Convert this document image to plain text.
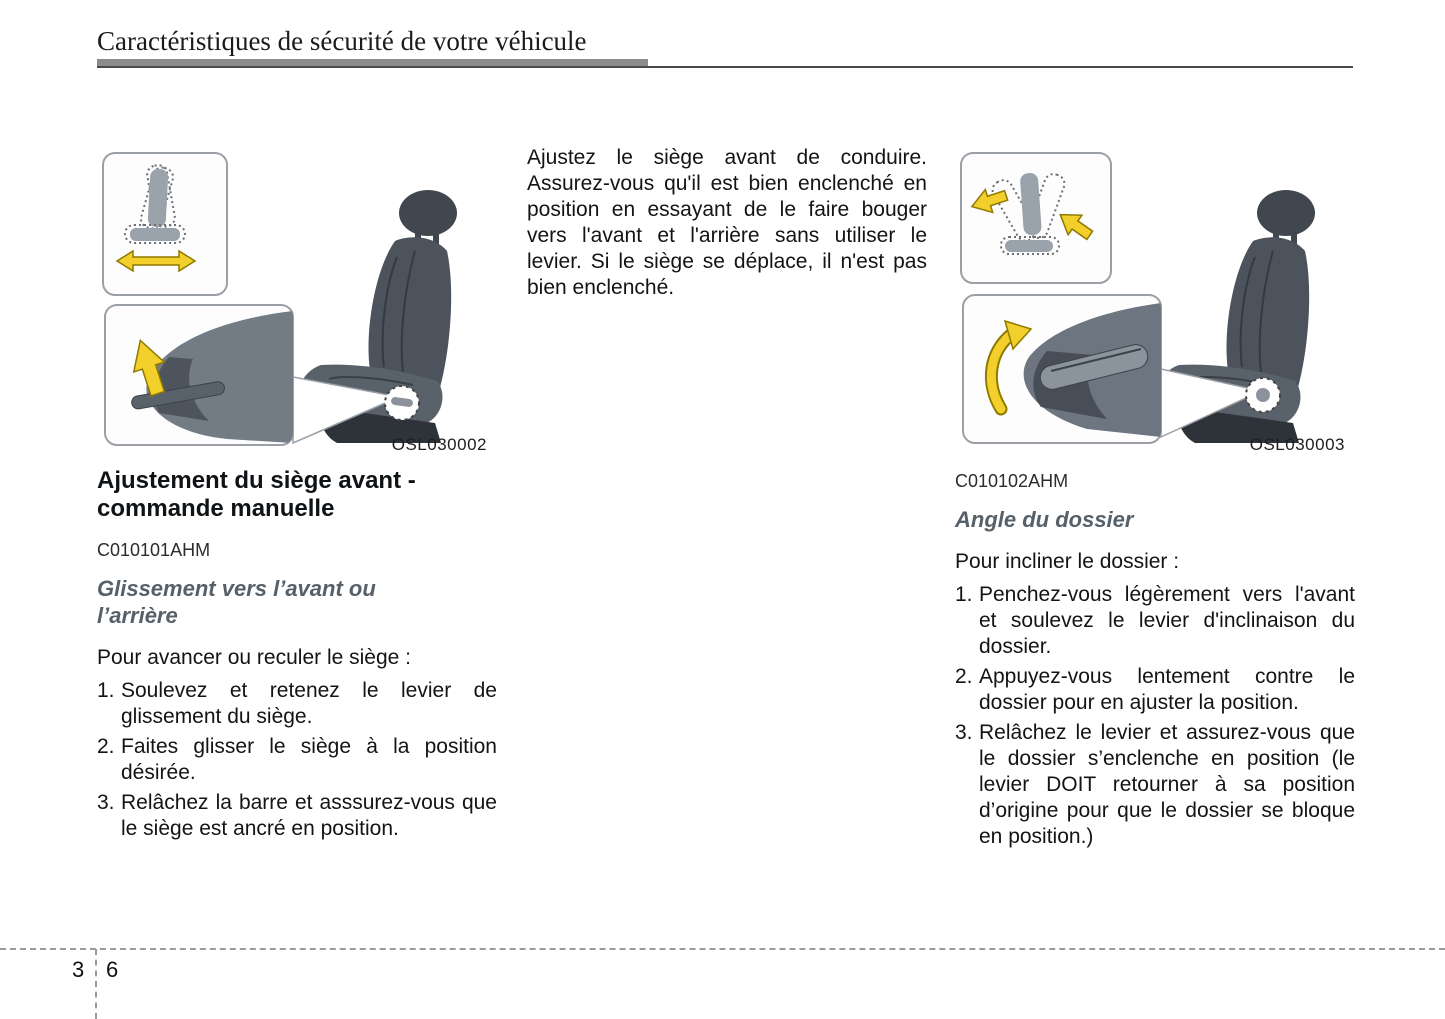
Caractéristiques de sécurité de votre véhicule
OSL030002
Ajustement du siège avant - commande manuelle
C010101AHM
Glissement vers l’avant ou l’arrière
Pour avancer ou reculer le siège :
1. Soulevez et retenez le levier de glissement du siège.
2. Faites glisser le siège à la position désirée.
3. Relâchez la barre et asssurez-vous que le siège est ancré en position.

Ajustez le siège avant de conduire. Assurez-vous qu'il est bien enclenché en position en essayant de le faire bouger vers l'avant et l'arrière sans utiliser le levier. Si le siège se déplace, il n'est pas bien enclenché.

OSL030003
C010102AHM
Angle du dossier
Pour incliner le dossier :
1. Penchez-vous légèrement vers l'avant et soulevez le levier d'inclinaison du dossier.
2. Appuyez-vous lentement contre le dossier pour en ajuster la position.
3. Relâchez le levier et assurez-vous que le dossier s’enclenche en position (le levier DOIT retourner à sa position d’origine pour que le dossier se bloque en position.)
3 6
